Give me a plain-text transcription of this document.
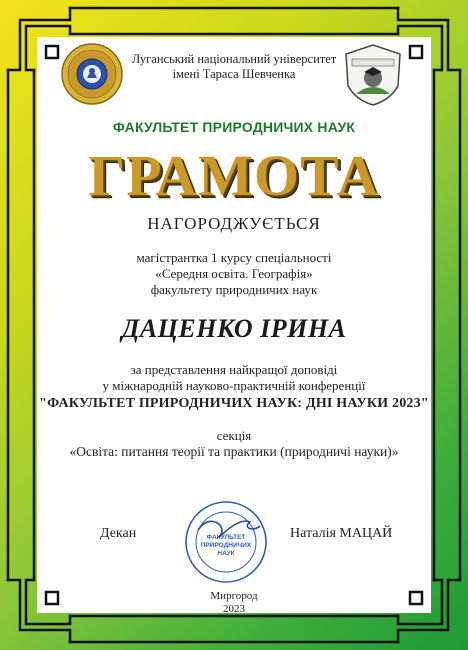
Луганський національний університет
імені Тараса Шевченка
ФАКУЛЬТЕТ ПРИРОДНИЧИХ НАУК
ГРАМОТА
НАГОРОДЖУЄТЬСЯ
магістрантка 1 курсу спеціальності
«Середня освіта. Географія»
факультету природничих наук
ДАЦЕНКО ІРИНА
за представлення найкращої доповіді
у міжнародній науково-практичній конференції
"ФАКУЛЬТЕТ ПРИРОДНИЧИХ НАУК: ДНІ НАУКИ 2023"
секція
«Освіта: питання теорії та практики (природничі науки)»
Декан	ФАКУЛЬТЕТ
ПРИРОДНИЧИХ
НАУК
Наталія МАЦАЙ
Миргород
2023
